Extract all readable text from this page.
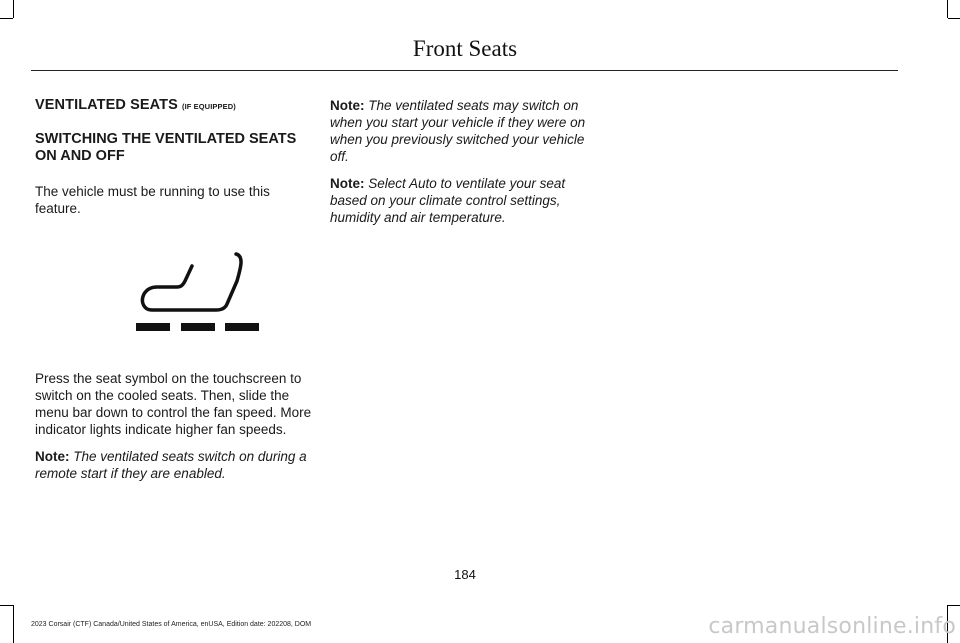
Front Seats
VENTILATED SEATS (IF EQUIPPED)
SWITCHING THE VENTILATED SEATS ON AND OFF

The vehicle must be running to use this feature.

Press the seat symbol on the touchscreen to switch on the cooled seats. Then, slide the menu bar down to control the fan speed. More indicator lights indicate higher fan speeds.

Note: The ventilated seats switch on during a remote start if they are enabled.

Note: The ventilated seats may switch on when you start your vehicle if they were on when you previously switched your vehicle off.

Note: Select Auto to ventilate your seat based on your climate control settings, humidity and air temperature.

184
2023 Corsair (CTF) Canada/United States of America, enUSA, Edition date: 202208, DOM	carmanualsonline.info
